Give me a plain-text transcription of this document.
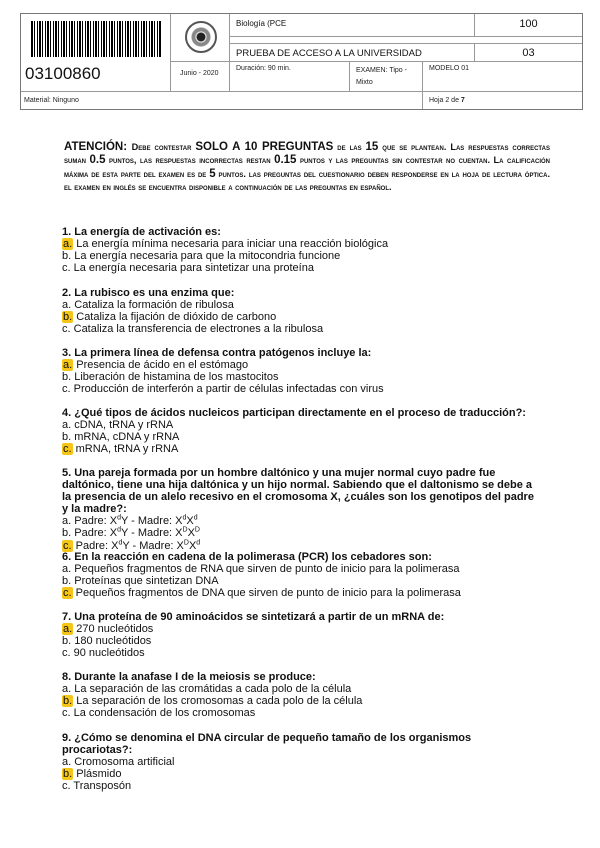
03100860	Junio - 2020
Biología (PCE	100
PRUEBA DE ACCESO A LA UNIVERSIDAD	03
Duración: 90 min.	EXAMEN: Tipo -
Mixto
MODELO 01
Material: Ninguno	Hoja 2 de 7
ATENCIÓN: Debe contestar SOLO A 10 PREGUNTAS de las 15 que se plantean. Las respuestas correctas suman 0.5 puntos, las respuestas incorrectas restan 0.15 puntos y las preguntas sin contestar no cuentan. La calificación máxima de esta parte del examen es de 5 puntos. las preguntas del cuestionario deben responderse en la hoja de lectura óptica. el examen en inglés se encuentra disponible a continuación de las preguntas en español.
1. La energía de activación es:
a. La energía mínima necesaria para iniciar una reacción biológica
b. La energía necesaria para que la mitocondria funcione
c. La energía necesaria para sintetizar una proteína
2. La rubisco es una enzima que:
a. Cataliza la formación de ribulosa
b. Cataliza la fijación de dióxido de carbono
c. Cataliza la transferencia de electrones a la ribulosa
3. La primera línea de defensa contra patógenos incluye la:
a. Presencia de ácido en el estómago
b. Liberación de histamina de los mastocitos
c. Producción de interferón a partir de células infectadas con virus
4. ¿Qué tipos de ácidos nucleicos participan directamente en el proceso de traducción?:
a. cDNA, tRNA y rRNA
b. mRNA, cDNA y rRNA
c. mRNA, tRNA y rRNA
5. Una pareja formada por un hombre daltónico y una mujer normal cuyo padre fue daltónico, tiene una hija daltónica y un hijo normal. Sabiendo que el daltonismo se debe a la presencia de un alelo recesivo en el cromosoma X, ¿cuáles son los genotipos del padre y la madre?:
a. Padre: $X^dY$ - Madre: $X^dX^d$
b. Padre: $X^dY$ - Madre: $X^DX^D$
c. Padre: $X^dY$ - Madre: $X^DX^d$
6. En la reacción en cadena de la polimerasa (PCR) los cebadores son:
a. Pequeños fragmentos de RNA que sirven de punto de inicio para la polimerasa
b. Proteínas que sintetizan DNA
c. Pequeños fragmentos de DNA que sirven de punto de inicio para la polimerasa
7. Una proteína de 90 aminoácidos se sintetizará a partir de un mRNA de:
a. 270 nucleótidos
b. 180 nucleótidos
c. 90 nucleótidos
8. Durante la anafase I de la meiosis se produce:
a. La separación de las cromátidas a cada polo de la célula
b. La separación de los cromosomas a cada polo de la célula
c. La condensación de los cromosomas
9. ¿Cómo se denomina el DNA circular de pequeño tamaño de los organismos procariotas?:
a. Cromosoma artificial
b. Plásmido
c. Transposón
